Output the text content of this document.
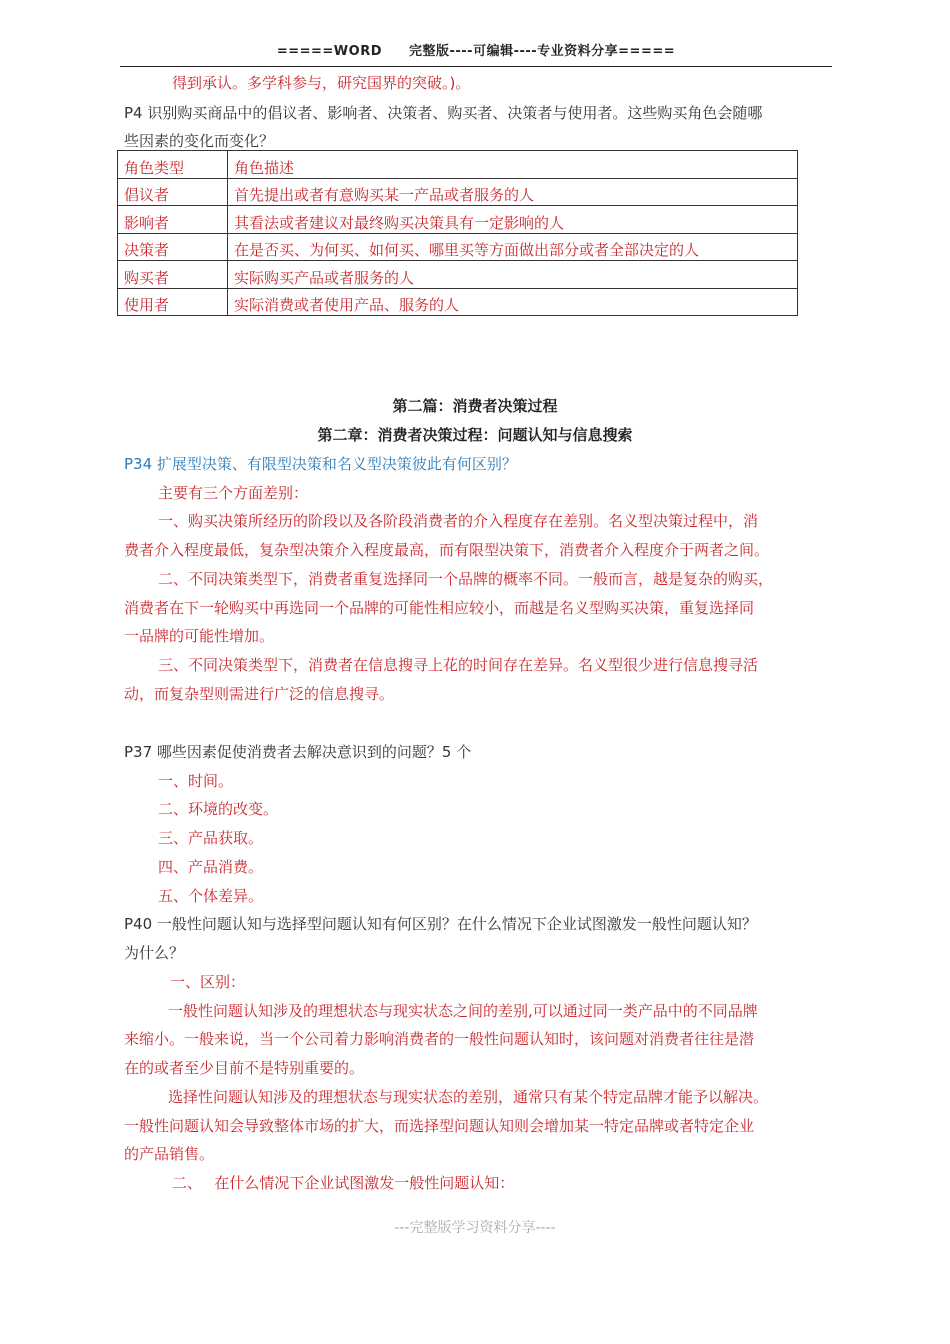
=====WORD　　完整版----可编辑----专业资料分享=====
得到承认。多学科参与，研究国界的突破。)。
P4 识别购买商品中的倡议者、影响者、决策者、购买者、决策者与使用者。这些购买角色会随哪
些因素的变化而变化？
角色类型	角色描述
倡议者	首先提出或者有意购买某一产品或者服务的人
影响者	其看法或者建议对最终购买决策具有一定影响的人
决策者	在是否买、为何买、如何买、哪里买等方面做出部分或者全部决定的人
购买者	实际购买产品或者服务的人
使用者	实际消费或者使用产品、服务的人
第二篇：消费者决策过程
第二章：消费者决策过程：问题认知与信息搜索
P34 扩展型决策、有限型决策和名义型决策彼此有何区别？
主要有三个方面差别：
一、购买决策所经历的阶段以及各阶段消费者的介入程度存在差别。名义型决策过程中，消
费者介入程度最低，复杂型决策介入程度最高，而有限型决策下，消费者介入程度介于两者之间。
二、不同决策类型下，消费者重复选择同一个品牌的概率不同。一般而言，越是复杂的购买，
消费者在下一轮购买中再选同一个品牌的可能性相应较小，而越是名义型购买决策，重复选择同
一品牌的可能性增加。
三、不同决策类型下，消费者在信息搜寻上花的时间存在差异。名义型很少进行信息搜寻活
动，而复杂型则需进行广泛的信息搜寻。
P37 哪些因素促使消费者去解决意识到的问题？5 个
一、时间。
二、环境的改变。
三、产品获取。
四、产品消费。
五、个体差异。
P40 一般性问题认知与选择型问题认知有何区别？在什么情况下企业试图激发一般性问题认知？
为什么？
一、区别：
一般性问题认知涉及的理想状态与现实状态之间的差别,可以通过同一类产品中的不同品牌
来缩小。一般来说，当一个公司着力影响消费者的一般性问题认知时，该问题对消费者往往是潜
在的或者至少目前不是特别重要的。
选择性问题认知涉及的理想状态与现实状态的差别，通常只有某个特定品牌才能予以解决。
一般性问题认知会导致整体市场的扩大，而选择型问题认知则会增加某一特定品牌或者特定企业
的产品销售。
二、　 在什么情况下企业试图激发一般性问题认知：
---完整版学习资料分享----
